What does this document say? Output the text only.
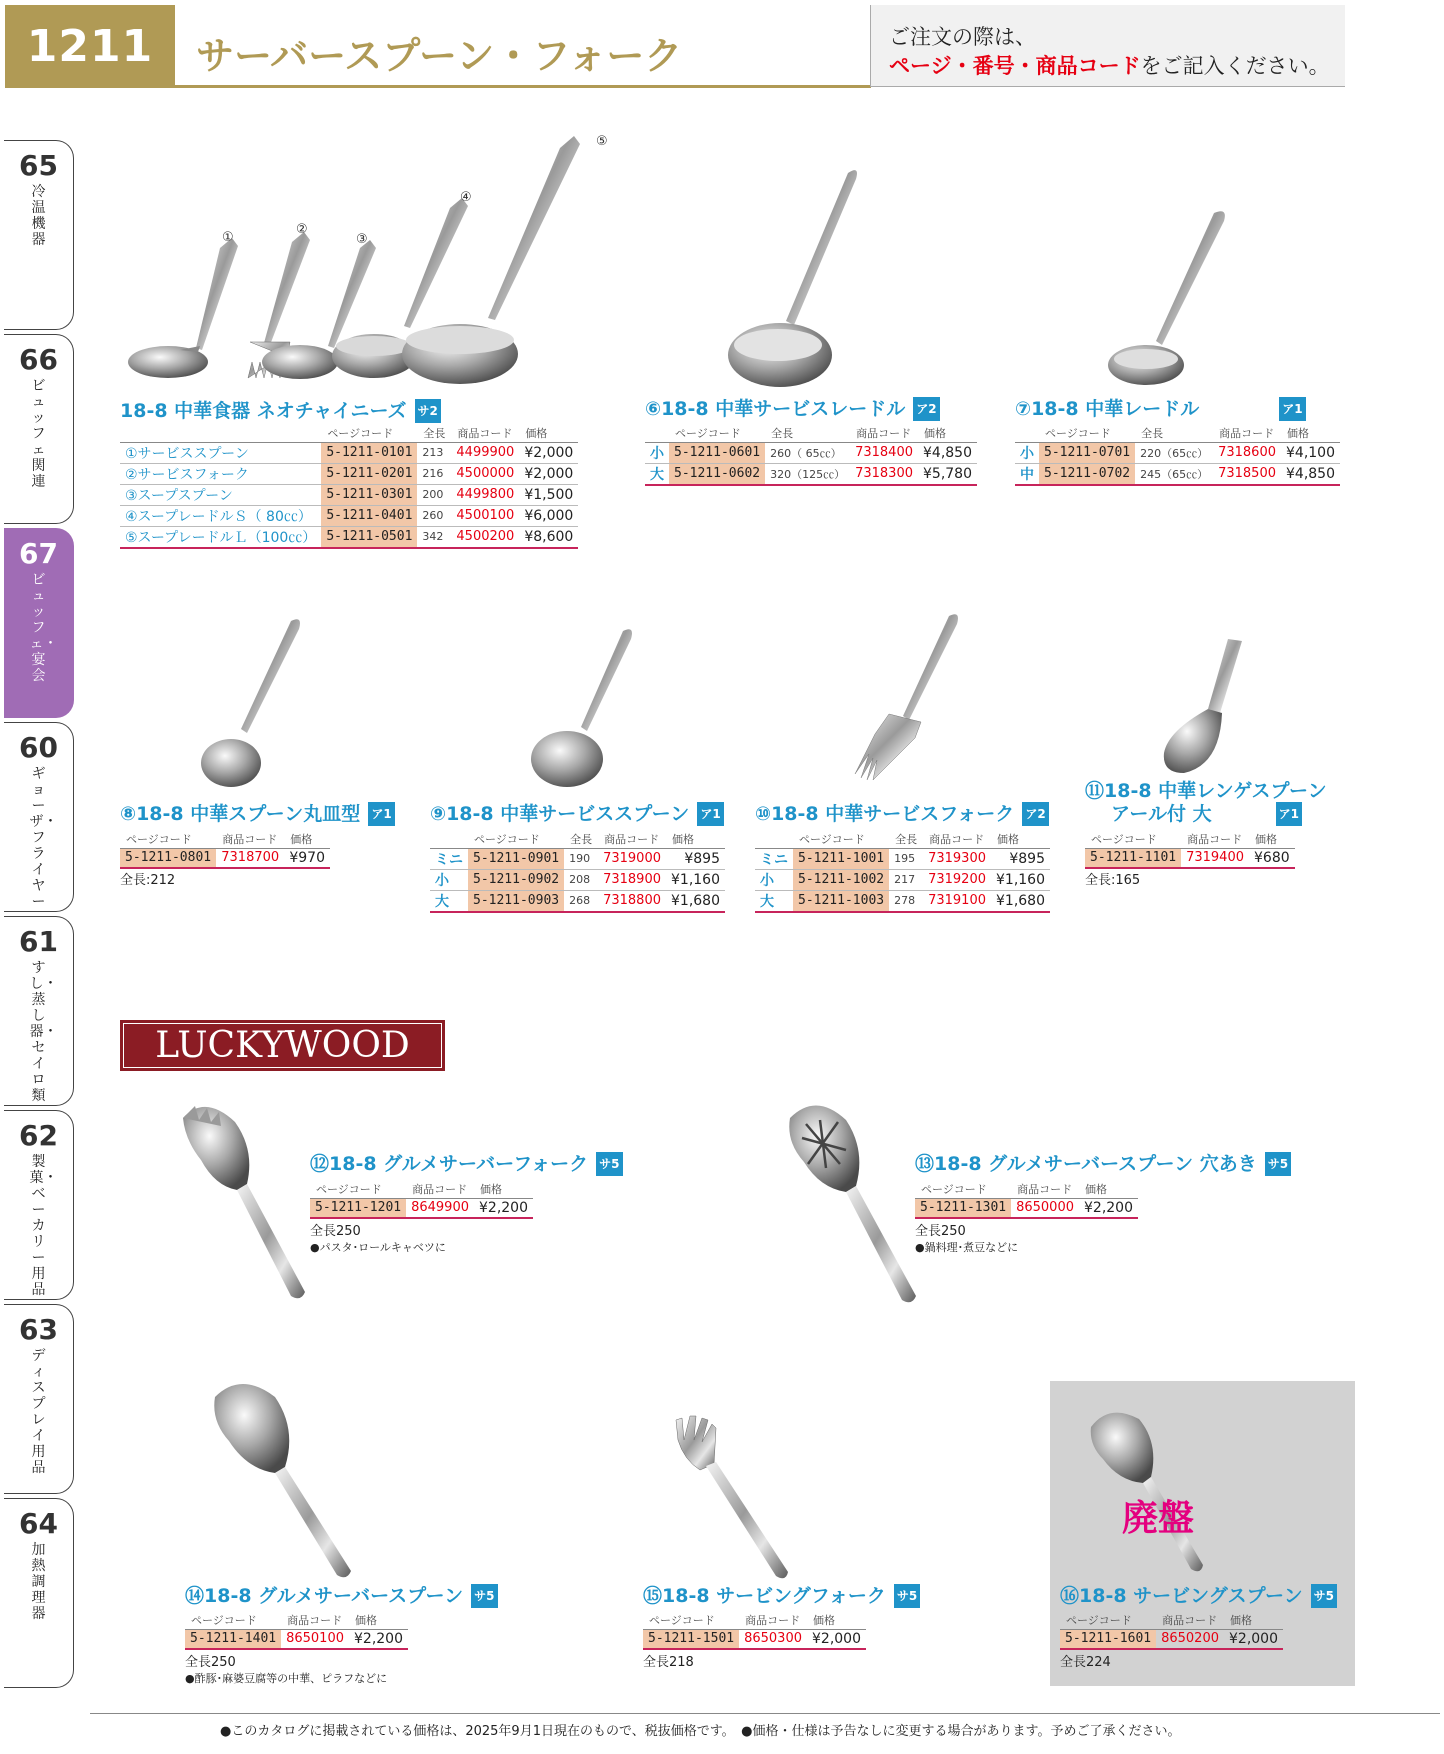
1211	サーバースプーン・フォーク	ご注文の際は、
ページ・番号・商品コードをご記入ください。
65
冷温機器
66
ビュッフェ関連
67
ビュッフェ・宴会
60
ギョーザ・フライヤー
61
すし・蒸し器・セイロ類
62
製菓・ベーカリー用品
63
ディスプレイ用品
64
加熱調理器
①
②
③
④
⑤
18-8 中華食器 ネオチャイニーズ サ2
	ページコード	全長	商品コード	価格
①サービススプーン	5-1211-0101	213	4499900	¥2,000
②サービスフォーク	5-1211-0201	216	4500000	¥2,000
③スープスプーン	5-1211-0301	200	4499800	¥1,500
④スープレードルＳ（ 80㏄）	5-1211-0401	260	4500100	¥6,000
⑤スープレードルＬ（100㏄）	5-1211-0501	342	4500200	¥8,600
⑥18-8 中華サービスレードル ア2
	ページコード	全長	商品コード	価格
小	5-1211-0601	260（ 65㏄）	7318400	¥4,850
大	5-1211-0602	320（125㏄）	7318300	¥5,780
⑦18-8 中華レードル	ア1
	ページコード	全長	商品コード	価格
小	5-1211-0701	220（65㏄）	7318600	¥4,100
中	5-1211-0702	245（65㏄）	7318500	¥4,850
⑧18-8 中華スプーン丸皿型 ア1
ページコード	商品コード	価格
5-1211-0801	7318700	¥970
全長:212
⑨18-8 中華サービススプーン ア1
	ページコード	全長	商品コード	価格
ミニ	5-1211-0901	190	7319000	¥895
小	5-1211-0902	208	7318900	¥1,160
大	5-1211-0903	268	7318800	¥1,680
⑩18-8 中華サービスフォーク ア2
	ページコード	全長	商品コード	価格
ミニ	5-1211-1001	195	7319300	¥895
小	5-1211-1002	217	7319200	¥1,160
大	5-1211-1003	278	7319100	¥1,680
⑪18-8 中華レンゲスプーン
アール付 大	ア1
ページコード	商品コード	価格
5-1211-1101	7319400	¥680
全長:165
LUCKYWOOD
⑫18-8 グルメサーバーフォーク サ5
ページコード	商品コード	価格
5-1211-1201	8649900	¥2,200
全長250
●パスタ･ロールキャベツに
⑬18-8 グルメサーバースプーン 穴あき サ5
ページコード	商品コード	価格
5-1211-1301	8650000	¥2,200
全長250
●鍋料理･煮豆などに
⑭18-8 グルメサーバースプーン サ5
ページコード	商品コード	価格
5-1211-1401	8650100	¥2,200
全長250
●酢豚･麻婆豆腐等の中華、ピラフなどに
⑮18-8 サービングフォーク サ5
ページコード	商品コード	価格
5-1211-1501	8650300	¥2,000
全長218
廃盤
⑯18-8 サービングスプーン サ5
ページコード	商品コード	価格
5-1211-1601	8650200	¥2,000
全長224
●このカタログに掲載されている価格は、2025年9月1日現在のもので、税抜価格です。　●価格・仕様は予告なしに変更する場合があります。予めご了承ください。
